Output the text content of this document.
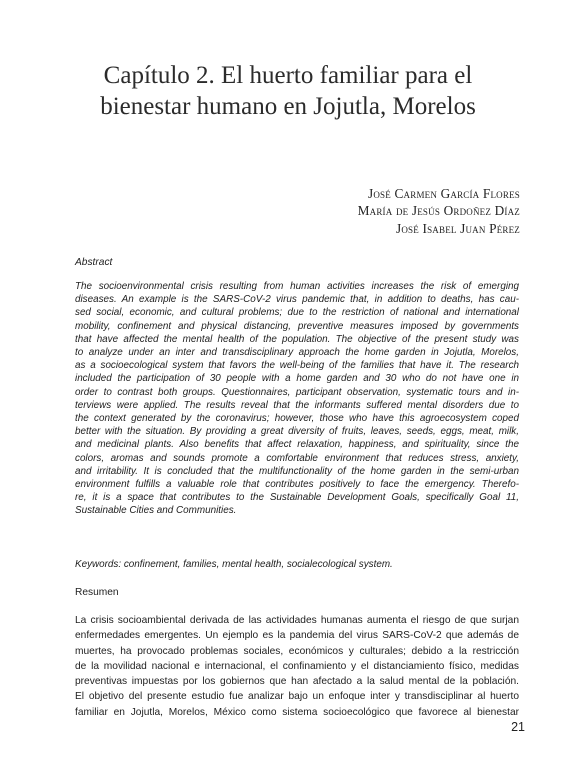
Capítulo 2. El huerto familiar para el
bienestar humano en Jojutla, Morelos
José Carmen García Flores
María de Jesús Ordoñez Díaz
José Isabel Juan Pérez

Abstract

The socioenvironmental crisis resulting from human activities increases the risk of emerging
diseases. An example is the SARS-CoV-2 virus pandemic that, in addition to deaths, has cau-
sed social, economic, and cultural problems; due to the restriction of national and international
mobility, confinement and physical distancing, preventive measures imposed by governments
that have affected the mental health of the population. The objective of the present study was
to analyze under an inter and transdisciplinary approach the home garden in Jojutla, Morelos,
as a socioecological system that favors the well-being of the families that have it. The research
included the participation of 30 people with a home garden and 30 who do not have one in
order to contrast both groups. Questionnaires, participant observation, systematic tours and in-
terviews were applied. The results reveal that the informants suffered mental disorders due to
the context generated by the coronavirus; however, those who have this agroecosystem coped
better with the situation. By providing a great diversity of fruits, leaves, seeds, eggs, meat, milk,
and medicinal plants. Also benefits that affect relaxation, happiness, and spirituality, since the
colors, aromas and sounds promote a comfortable environment that reduces stress, anxiety,
and irritability. It is concluded that the multifunctionality of the home garden in the semi-urban
environment fulfills a valuable role that contributes positively to face the emergency. Therefo-
re, it is a space that contributes to the Sustainable Development Goals, specifically Goal 11,
Sustainable Cities and Communities.

Keywords: confinement, families, mental health, socialecological system.

Resumen

La crisis socioambiental derivada de las actividades humanas aumenta el riesgo de que surjan
enfermedades emergentes. Un ejemplo es la pandemia del virus SARS-CoV-2 que además de
muertes, ha provocado problemas sociales, económicos y culturales; debido a la restricción
de la movilidad nacional e internacional, el confinamiento y el distanciamiento físico, medidas
preventivas impuestas por los gobiernos que han afectado a la salud mental de la población.
El objetivo del presente estudio fue analizar bajo un enfoque inter y transdisciplinar al huerto
familiar en Jojutla, Morelos, México como sistema socioecológico que favorece al bienestar
21
